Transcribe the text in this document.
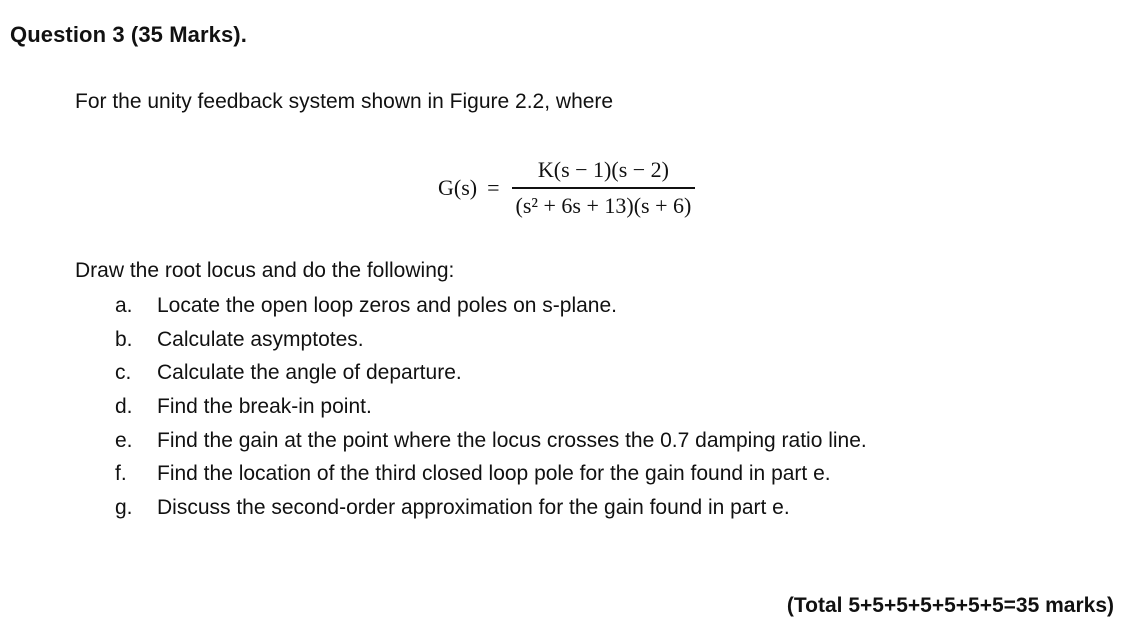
Question 3 (35 Marks).
For the unity feedback system shown in Figure 2.2, where
$G(s) = \frac{K(s - 1)(s - 2)}{\text{(s² + 6s + 13)(s + 6)}}$
Draw the root locus and do the following:
a. Locate the open loop zeros and poles on s-plane.
b. Calculate asymptotes.
c. Calculate the angle of departure.
d. Find the break-in point.
e. Find the gain at the point where the locus crosses the 0.7 damping ratio line.
f. Find the location of the third closed loop pole for the gain found in part e.
g. Discuss the second-order approximation for the gain found in part e.
(Total 5+5+5+5+5+5+5=35 marks)
